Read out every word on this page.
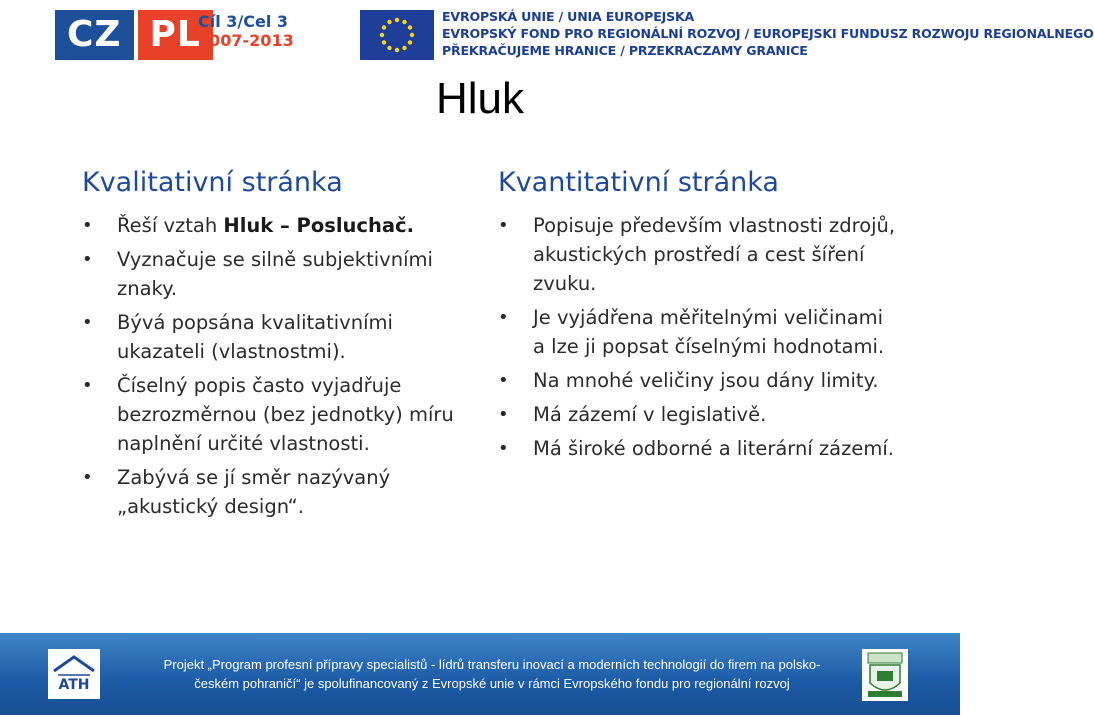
CZ PL
Cíl 3/Cel 3
2007-2013
EVROPSKÁ UNIE / UNIA EUROPEJSKA
EVROPSKÝ FOND PRO REGIONÁLNÍ ROZVOJ / EUROPEJSKI FUNDUSZ ROZWOJU REGIONALNEGO
PŘEKRAČUJEME HRANICE / PRZEKRACZAMY GRANICE
Hluk
Kvalitativní stránka
• Řeší vztah Hluk – Posluchač.
• Vyznačuje se silně subjektivními znaky.
• Bývá popsána kvalitativními ukazateli (vlastnostmi).
• Číselný popis často vyjadřuje bezrozměrnou (bez jednotky) míru naplnění určité vlastnosti.
• Zabývá se jí směr nazývaný „akustický design“.
Kvantitativní stránka
• Popisuje především vlastnosti zdrojů, akustických prostředí a cest šíření zvuku.
• Je vyjádřena měřitelnými veličinami a lze ji popsat číselnými hodnotami.
• Na mnohé veličiny jsou dány limity.
• Má zázemí v legislativě.
• Má široké odborné a literární zázemí.
ATH
Projekt „Program profesní přípravy specialistů - lídrů transferu inovací a moderních technologií do firem na polsko-
českém pohraničí“ je spolufinancovaný z Evropské unie v rámci Evropského fondu pro regionální rozvoj
